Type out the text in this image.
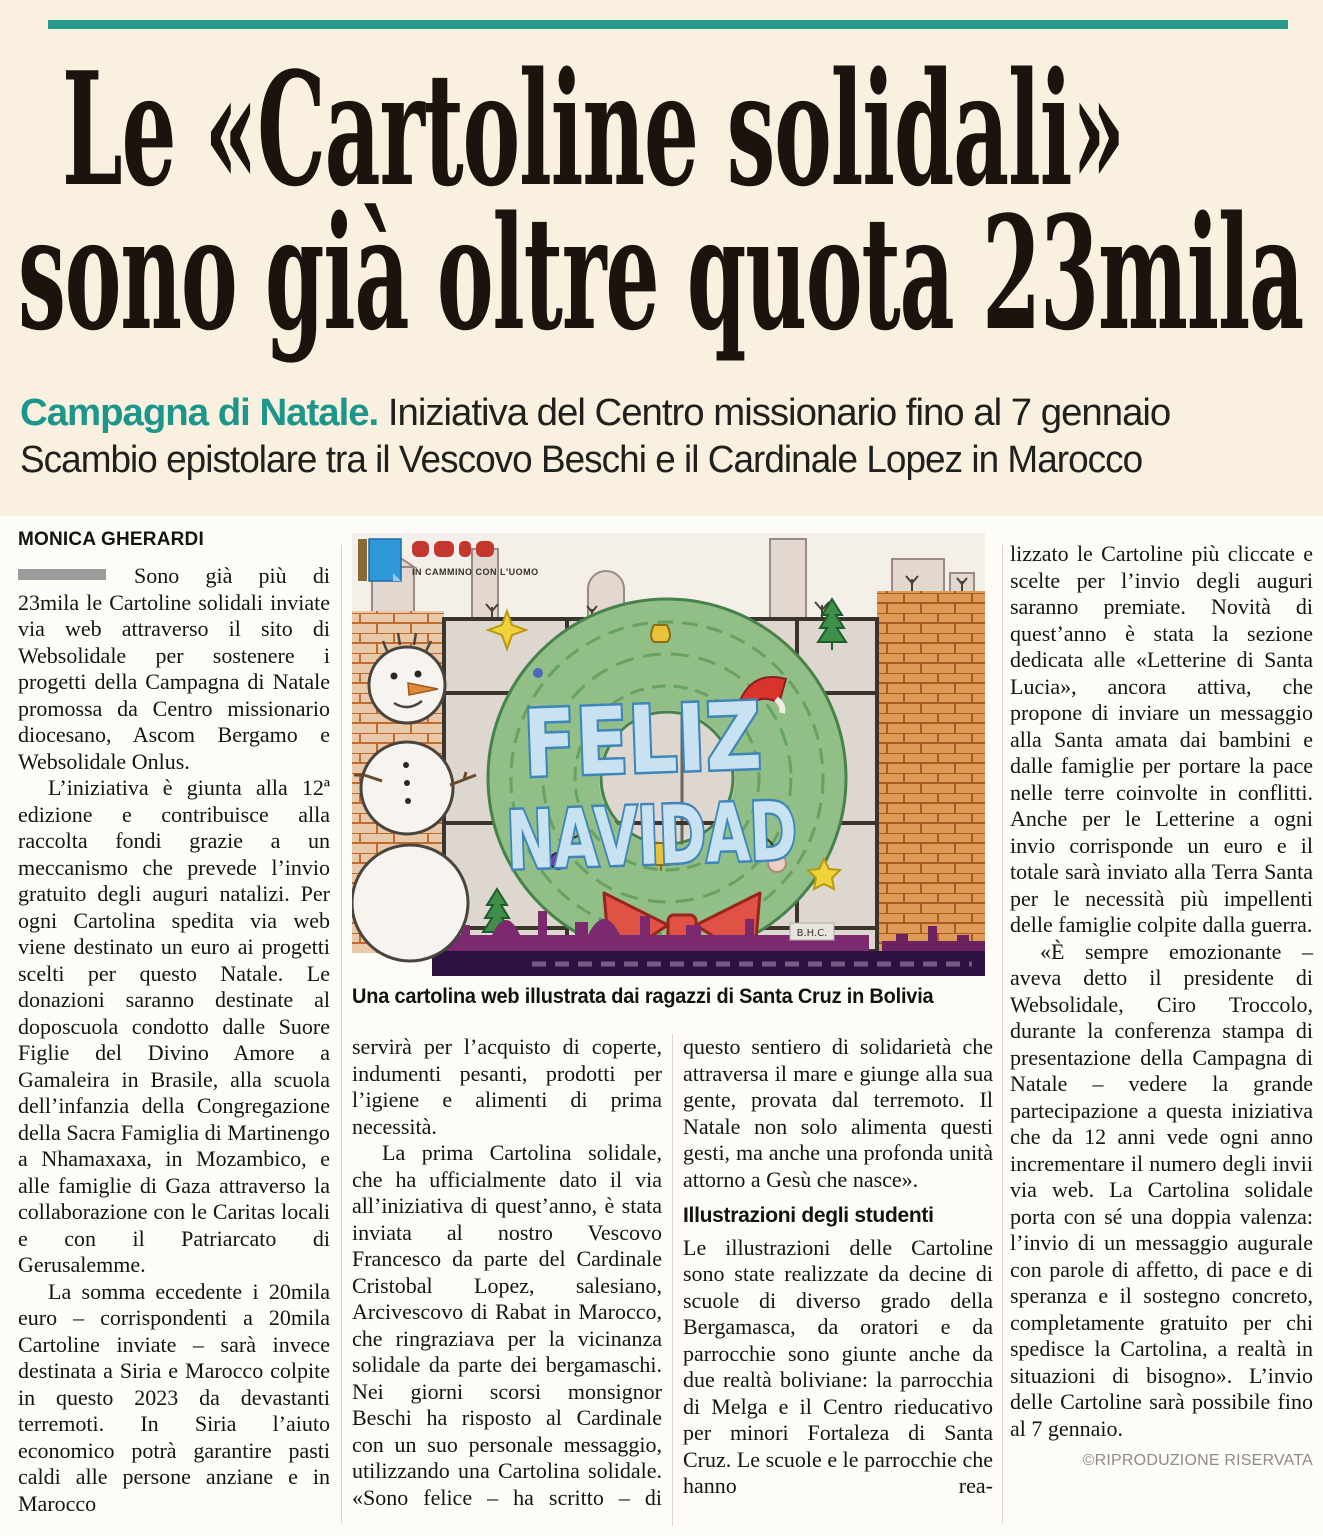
Le «Cartoline solidali»
sono già oltre quota 23mila
Campagna di Natale. Iniziativa del Centro missionario fino al 7 gennaio
Scambio epistolare tra il Vescovo Beschi e il Cardinale Lopez in Marocco
MONICA GHERARDI

Sono già più di 23mila le Cartoline solidali inviate via web attraverso il sito di Websolidale per sostenere i progetti della Campagna di Natale promossa da Centro missionario diocesano, Ascom Bergamo e Websolidale Onlus.

L’iniziativa è giunta alla 12ª edizione e contribuisce alla raccolta fondi grazie a un meccanismo che prevede l’invio gratuito degli auguri natalizi. Per ogni Cartolina spedita via web viene destinato un euro ai progetti scelti per questo Natale. Le donazioni saranno destinate al doposcuola condotto dalle Suore Figlie del Divino Amore a Gamaleira in Brasile, alla scuola dell’infanzia della Congregazione della Sacra Famiglia di Martinengo a Nhamaxaxa, in Mozambico, e alle famiglie di Gaza attraverso la collaborazione con le Caritas locali e con il Patriarcato di Gerusalemme.

La somma eccedente i 20mila euro – corrispondenti a 20mila Cartoline inviate – sarà invece destinata a Siria e Marocco colpite in questo 2023 da devastanti terremoti. In Siria l’aiuto economico potrà garantire pasti caldi alle persone anziane e in Marocco

FELIZ
NAVIDAD
B.H.C.
IN CAMMINO CON L'UOMO
Una cartolina web illustrata dai ragazzi di Santa Cruz in Bolivia

servirà per l’acquisto di coperte, indumenti pesanti, prodotti per l’igiene e alimenti di prima necessità.

La prima Cartolina solidale, che ha ufficialmente dato il via all’iniziativa di quest’anno, è stata inviata al nostro Vescovo Francesco da parte del Cardinale Cristobal Lopez, salesiano, Arcivescovo di Rabat in Marocco, che ringraziava per la vicinanza solidale da parte dei bergamaschi. Nei giorni scorsi monsignor Beschi ha risposto al Cardinale con un suo personale messaggio, utilizzando una Cartolina solidale. «Sono felice – ha scritto – di

questo sentiero di solidarietà che attraversa il mare e giunge alla sua gente, provata dal terremoto. Il Natale non solo alimenta questi gesti, ma anche una profonda unità attorno a Gesù che nasce».

Illustrazioni degli studenti

Le illustrazioni delle Cartoline sono state realizzate da decine di scuole di diverso grado della Bergamasca, da oratori e da parrocchie sono giunte anche da due realtà boliviane: la parrocchia di Melga e il Centro rieducativo per minori Fortaleza di Santa Cruz. Le scuole e le parrocchie che hanno rea-

lizzato le Cartoline più cliccate e scelte per l’invio degli auguri saranno premiate. Novità di quest’anno è stata la sezione dedicata alle «Letterine di Santa Lucia», ancora attiva, che propone di inviare un messaggio alla Santa amata dai bambini e dalle famiglie per portare la pace nelle terre coinvolte in conflitti. Anche per le Letterine a ogni invio corrisponde un euro e il totale sarà inviato alla Terra Santa per le necessità più impellenti delle famiglie colpite dalla guerra.

«È sempre emozionante – aveva detto il presidente di Websolidale, Ciro Troccolo, durante la conferenza stampa di presentazione della Campagna di Natale – vedere la grande partecipazione a questa iniziativa che da 12 anni vede ogni anno incrementare il numero degli invii via web. La Cartolina solidale porta con sé una doppia valenza: l’invio di un messaggio augurale con parole di affetto, di pace e di speranza e il sostegno concreto, completamente gratuito per chi spedisce la Cartolina, a realtà in situazioni di bisogno». L’invio delle Cartoline sarà possibile fino al 7 gennaio.

©RIPRODUZIONE RISERVATA
